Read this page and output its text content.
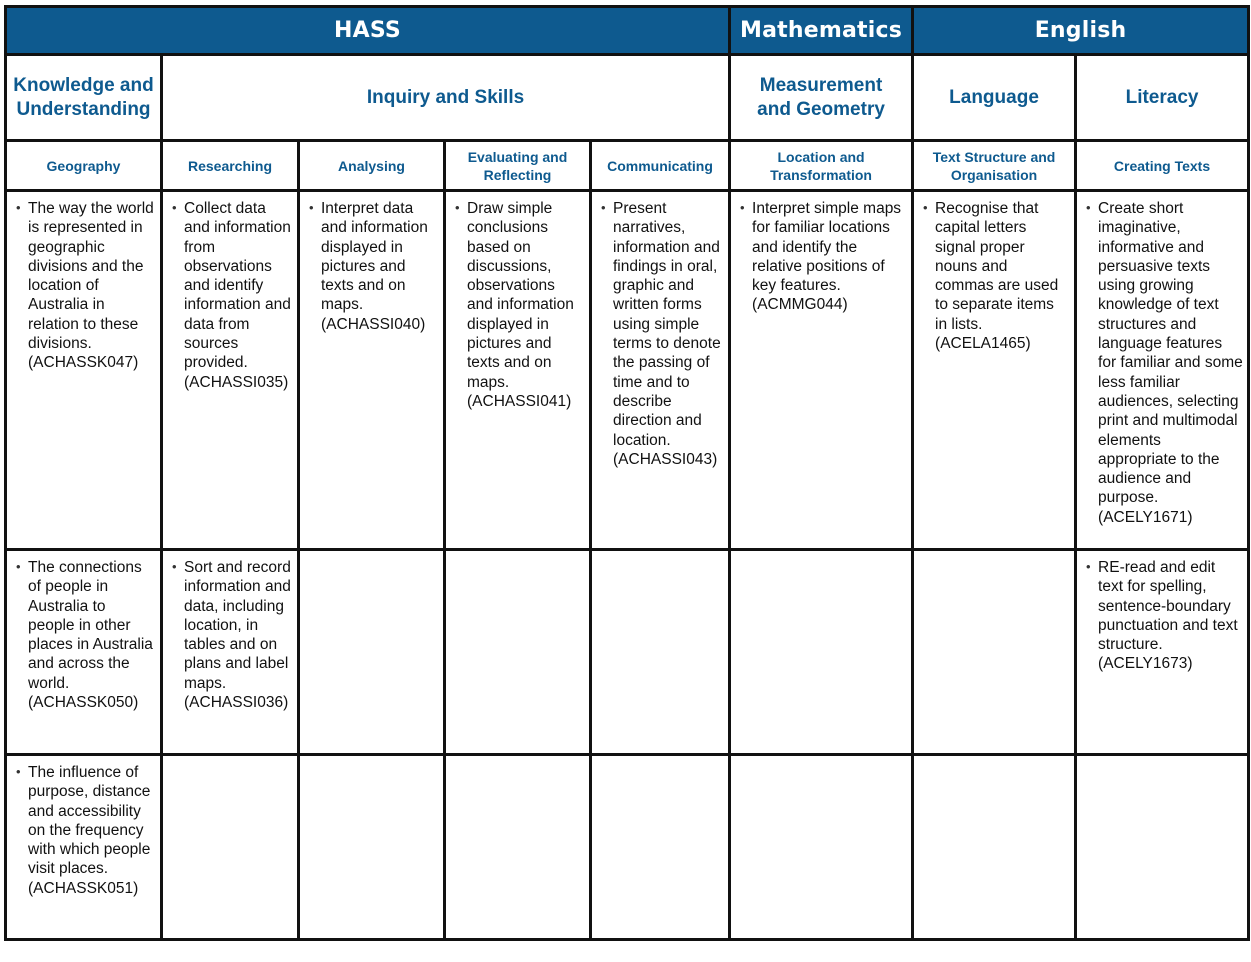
HASS					Mathematics	English	
Knowledge and Understanding	Inquiry and Skills				Measurement and Geometry	Language	Literacy
Geography	Researching	Analysing	Evaluating and Reflecting	Communicating	Location and Transformation	Text Structure and Organisation	Creating Texts

• The way the world is represented in geographic divisions and the location of Australia in relation to these divisions. (ACHASSK047)	• Collect data and information from observations and identify information and data from sources provided. (ACHASSI035)	• Interpret data and information displayed in pictures and texts and on maps. (ACHASSI040)	• Draw simple conclusions based on discussions, observations and information displayed in pictures and texts and on maps. (ACHASSI041)	• Present narratives, information and findings in oral, graphic and written forms using simple terms to denote the passing of time and to describe direction and location. (ACHASSI043)	• Interpret simple maps for familiar locations and identify the relative positions of key features. (ACMMG044)	• Recognise that capital letters signal proper nouns and commas are used to separate items in lists. (ACELA1465)	• Create short imaginative, informative and persuasive texts using growing knowledge of text structures and language features for familiar and some less familiar audiences, selecting print and multimodal elements appropriate to the audience and purpose. (ACELY1671)

• The connections of people in Australia to people in other places in Australia and across the world. (ACHASSK050)	• Sort and record information and data, including location, in tables and on plans and label maps. (ACHASSI036)						• RE-read and edit text for spelling, sentence-boundary punctuation and text structure. (ACELY1673)

• The influence of purpose, distance and accessibility on the frequency with which people visit places. (ACHASSK051)							
